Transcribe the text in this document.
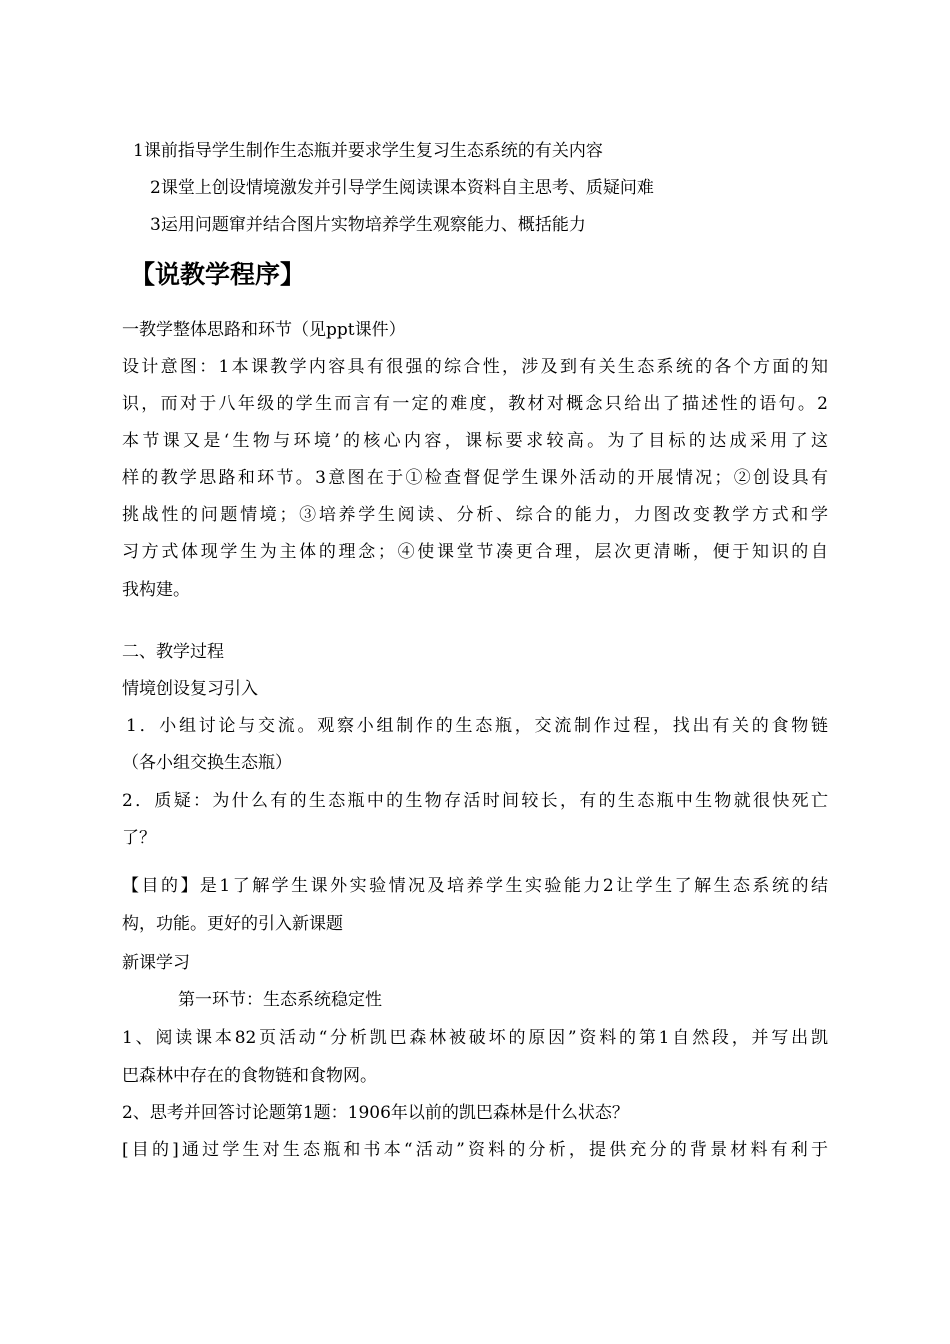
1课前指导学生制作生态瓶并要求学生复习生态系统的有关内容
2课堂上创设情境激发并引导学生阅读课本资料自主思考、质疑问难
3运用问题窜并结合图片实物培养学生观察能力、概括能力
【说教学程序】
一教学整体思路和环节（见ppt课件）
设计意图：1本课教学内容具有很强的综合性，涉及到有关生态系统的各个方面的知
识，而对于八年级的学生而言有一定的难度，教材对概念只给出了描述性的语句。2
本节课又是‘生物与环境’的核心内容，课标要求较高。为了目标的达成采用了这
样的教学思路和环节。3意图在于①检查督促学生课外活动的开展情况；②创设具有
挑战性的问题情境；③培养学生阅读、分析、综合的能力，力图改变教学方式和学
习方式体现学生为主体的理念；④使课堂节凑更合理，层次更清晰，便于知识的自
我构建。
二、教学过程
情境创设复习引入
1．小组讨论与交流。观察小组制作的生态瓶，交流制作过程，找出有关的食物链
（各小组交换生态瓶）
2．质疑：为什么有的生态瓶中的生物存活时间较长，有的生态瓶中生物就很快死亡
了？
【目的】是1了解学生课外实验情况及培养学生实验能力2让学生了解生态系统的结
构，功能。更好的引入新课题
新课学习
第一环节：生态系统稳定性
1、阅读课本82页活动“分析凯巴森林被破坏的原因”资料的第1自然段，并写出凯
巴森林中存在的食物链和食物网。
2、思考并回答讨论题第1题：1906年以前的凯巴森林是什么状态？
[目的]通过学生对生态瓶和书本“活动”资料的分析，提供充分的背景材料有利于
